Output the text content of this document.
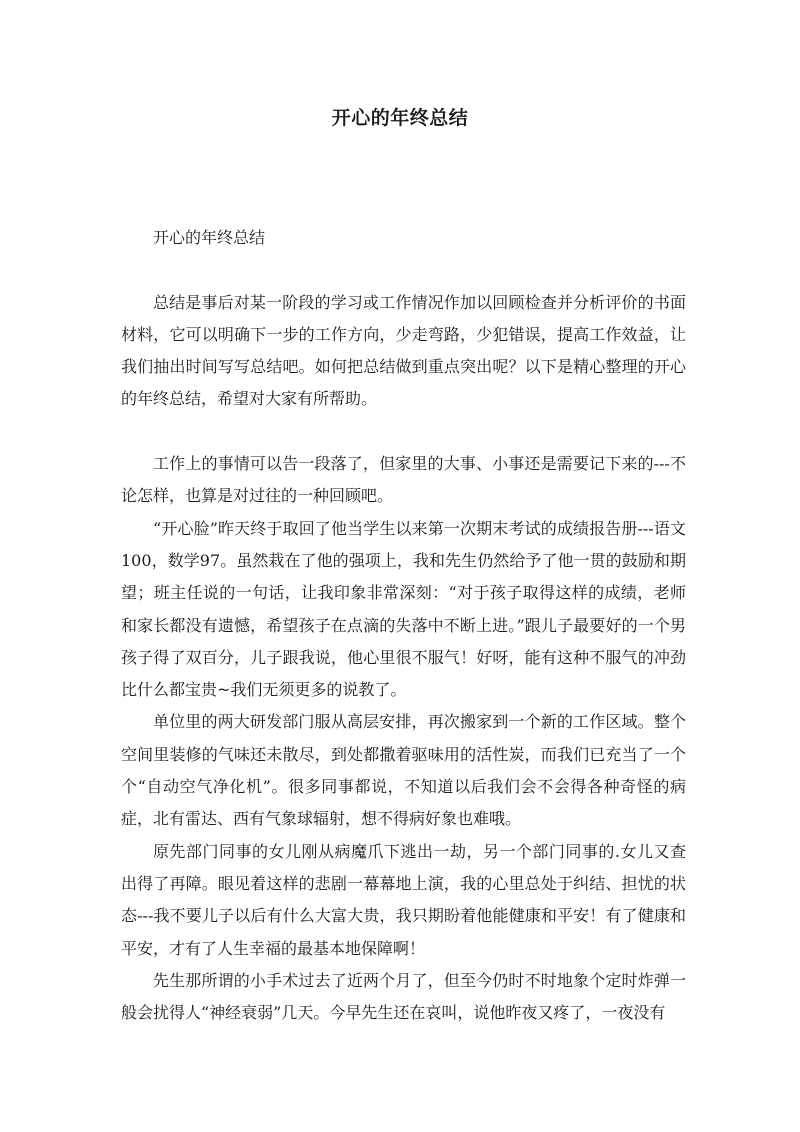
开心的年终总结

开心的年终总结

总结是事后对某一阶段的学习或工作情况作加以回顾检查并分析评价的书面材料，它可以明确下一步的工作方向，少走弯路，少犯错误，提高工作效益，让我们抽出时间写写总结吧。如何把总结做到重点突出呢？以下是精心整理的开心的年终总结，希望对大家有所帮助。

工作上的事情可以告一段落了，但家里的大事、小事还是需要记下来的---不论怎样，也算是对过往的一种回顾吧。

“开心脸”昨天终于取回了他当学生以来第一次期末考试的成绩报告册---语文100，数学97。虽然栽在了他的强项上，我和先生仍然给予了他一贯的鼓励和期望；班主任说的一句话，让我印象非常深刻：“对于孩子取得这样的成绩，老师和家长都没有遗憾，希望孩子在点滴的失落中不断上进。”跟儿子最要好的一个男孩子得了双百分，儿子跟我说，他心里很不服气！好呀，能有这种不服气的冲劲比什么都宝贵~我们无须更多的说教了。

单位里的两大研发部门服从高层安排，再次搬家到一个新的工作区域。整个空间里装修的气味还未散尽，到处都撒着驱味用的活性炭，而我们已充当了一个个“自动空气净化机”。很多同事都说，不知道以后我们会不会得各种奇怪的病症，北有雷达、西有气象球辐射，想不得病好象也难哦。

原先部门同事的女儿刚从病魔爪下逃出一劫，另一个部门同事的.女儿又查出得了再障。眼见着这样的悲剧一幕幕地上演，我的心里总处于纠结、担忧的状态---我不要儿子以后有什么大富大贵，我只期盼着他能健康和平安！有了健康和平安，才有了人生幸福的最基本地保障啊！

先生那所谓的小手术过去了近两个月了，但至今仍时不时地象个定时炸弹一般会扰得人“神经衰弱”几天。今早先生还在哀叫，说他昨夜又疼了，一夜没有
